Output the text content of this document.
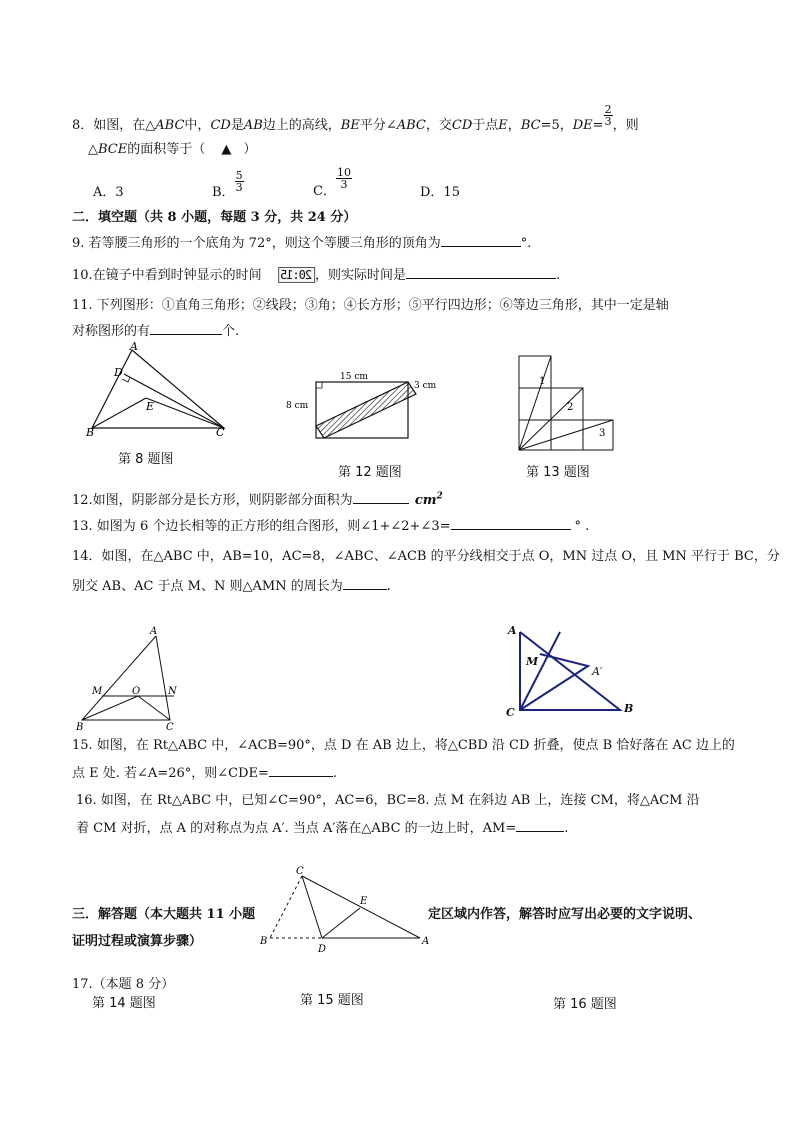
8．如图，在△ABC中，CD是AB边上的高线，BE平分∠ABC，交CD于点E，BC=5，$DE= \frac{2}{3}$ ，则
△BCE的面积等于（ ▲ ）
A．3	B． $\frac{5}{3}$	C．
$\frac{10}{3}$
D．15
二．填空题（共 8 小题，每题 3 分，共 24 分）
9. 若等腰三角形的一个底角为 72°，则这个等腰三角形的顶角为	°.
10.在镜子中看到时钟显示的时间 20:15 ，则实际时间是	.
11. 下列图形：①直角三角形；②线段；③角；④长方形；⑤平行四边形；⑥等边三角形，其中一定是轴
对称图形的有	个.
A
D
E
B	C
第 8 题图
15 cm
8 cm
3 cm
第 12 题图
1
2
3
第 13 题图
12.如图，阴影部分是长方形，则阴影部分面积为	$cm^2$
13. 如图为 6 个边长相等的正方形的组合图形，则∠1+∠2+∠3=	° .
14．如图，在△ABC 中，AB=10，AC=8，∠ABC、∠ACB 的平分线相交于点 O，MN 过点 O，且 MN 平行于 BC，分
别交 AB、AC 于点 M、N 则△AMN 的周长为	.
A
M	O	N
B	C
A
M
A′
C	B
15. 如图，在 Rt△ABC 中，∠ACB=90°，点 D 在 AB 边上，将△CBD 沿 CD 折叠，使点 B 恰好落在 AC 边上的
点 E 处. 若∠A=26°，则∠CDE=	.
16. 如图，在 Rt△ABC 中，已知∠C=90°，AC=6，BC=8. 点 M 在斜边 AB 上，连接 CM，将△ACM 沿
着 CM 对折，点 A 的对称点为点 A′. 当点 A′落在△ABC 的一边上时，AM=	.
C
E
B
D
A
三．解答题（本大题共 11 小题	定区域内作答，解答时应写出必要的文字说明、
证明过程或演算步骤）
17.（本题 8 分）
第 14 题图	第 15 题图	第 16 题图
